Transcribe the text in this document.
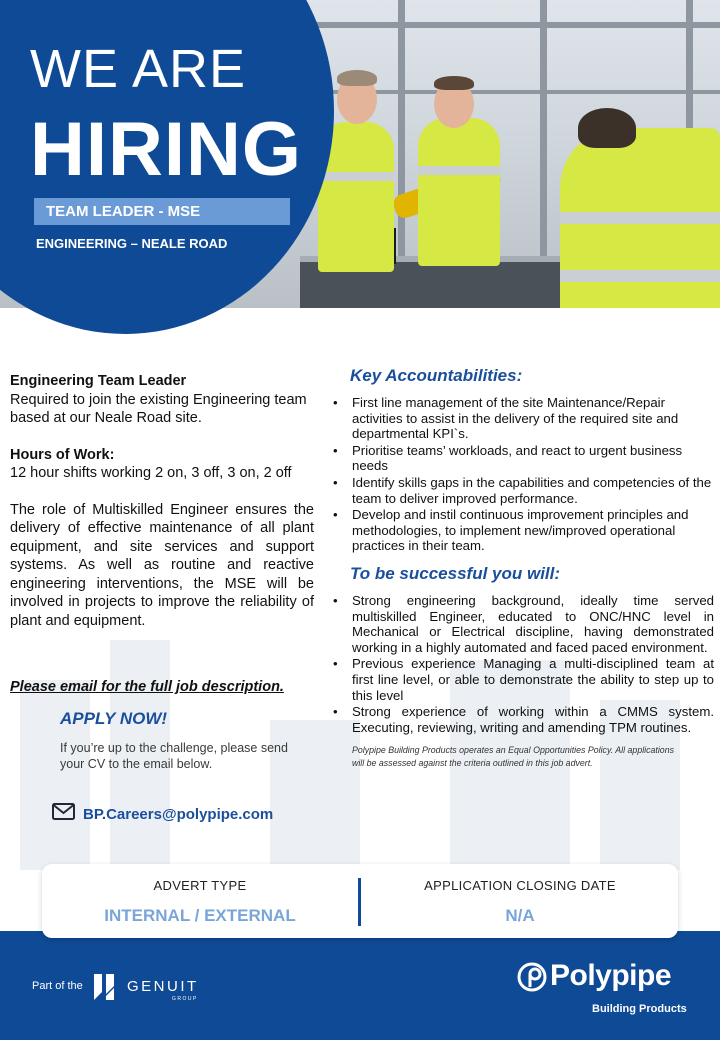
WE ARE
HIRING
TEAM LEADER - MSE
ENGINEERING – NEALE ROAD

Engineering Team Leader

Required to join the existing Engineering team based at our Neale Road site.

Hours of Work:

12 hour shifts working 2 on, 3 off, 3 on, 2 off

The role of Multiskilled Engineer ensures the delivery of effective maintenance of all plant equipment, and site services and support systems. As well as routine and reactive engineering interventions, the MSE will be involved in projects to improve the reliability of plant and equipment.

Please email for the full job description.
APPLY NOW!
If you’re up to the challenge, please send your CV to the email below.
BP.Careers@polypipe.com
Key Accountabilities:
• First line management of the site Maintenance/Repair activities to assist in the delivery of the required site and departmental KPI`s.
• Prioritise teams’ workloads, and react to urgent business needs
• Identify skills gaps in the capabilities and competencies of the team to deliver improved performance.
• Develop and instil continuous improvement principles and methodologies, to implement new/improved operational practices in their team.
To be successful you will:
• Strong engineering background, ideally time served multiskilled Engineer, educated to ONC/HNC level in Mechanical or Electrical discipline, having demonstrated working in a highly automated and faced paced environment.
• Previous experience Managing a multi-disciplined team at first line level, or able to demonstrate the ability to step up to this level
• Strong experience of working within a CMMS system. Executing, reviewing, writing and amending TPM routines.
Polypipe Building Products operates an Equal Opportunities Policy. All applications will be assessed against the criteria outlined in this job advert.
ADVERT TYPE
INTERNAL / EXTERNAL
APPLICATION CLOSING DATE
N/A
Part of the	GENUIT
GROUP
Polypipe
Building Products
